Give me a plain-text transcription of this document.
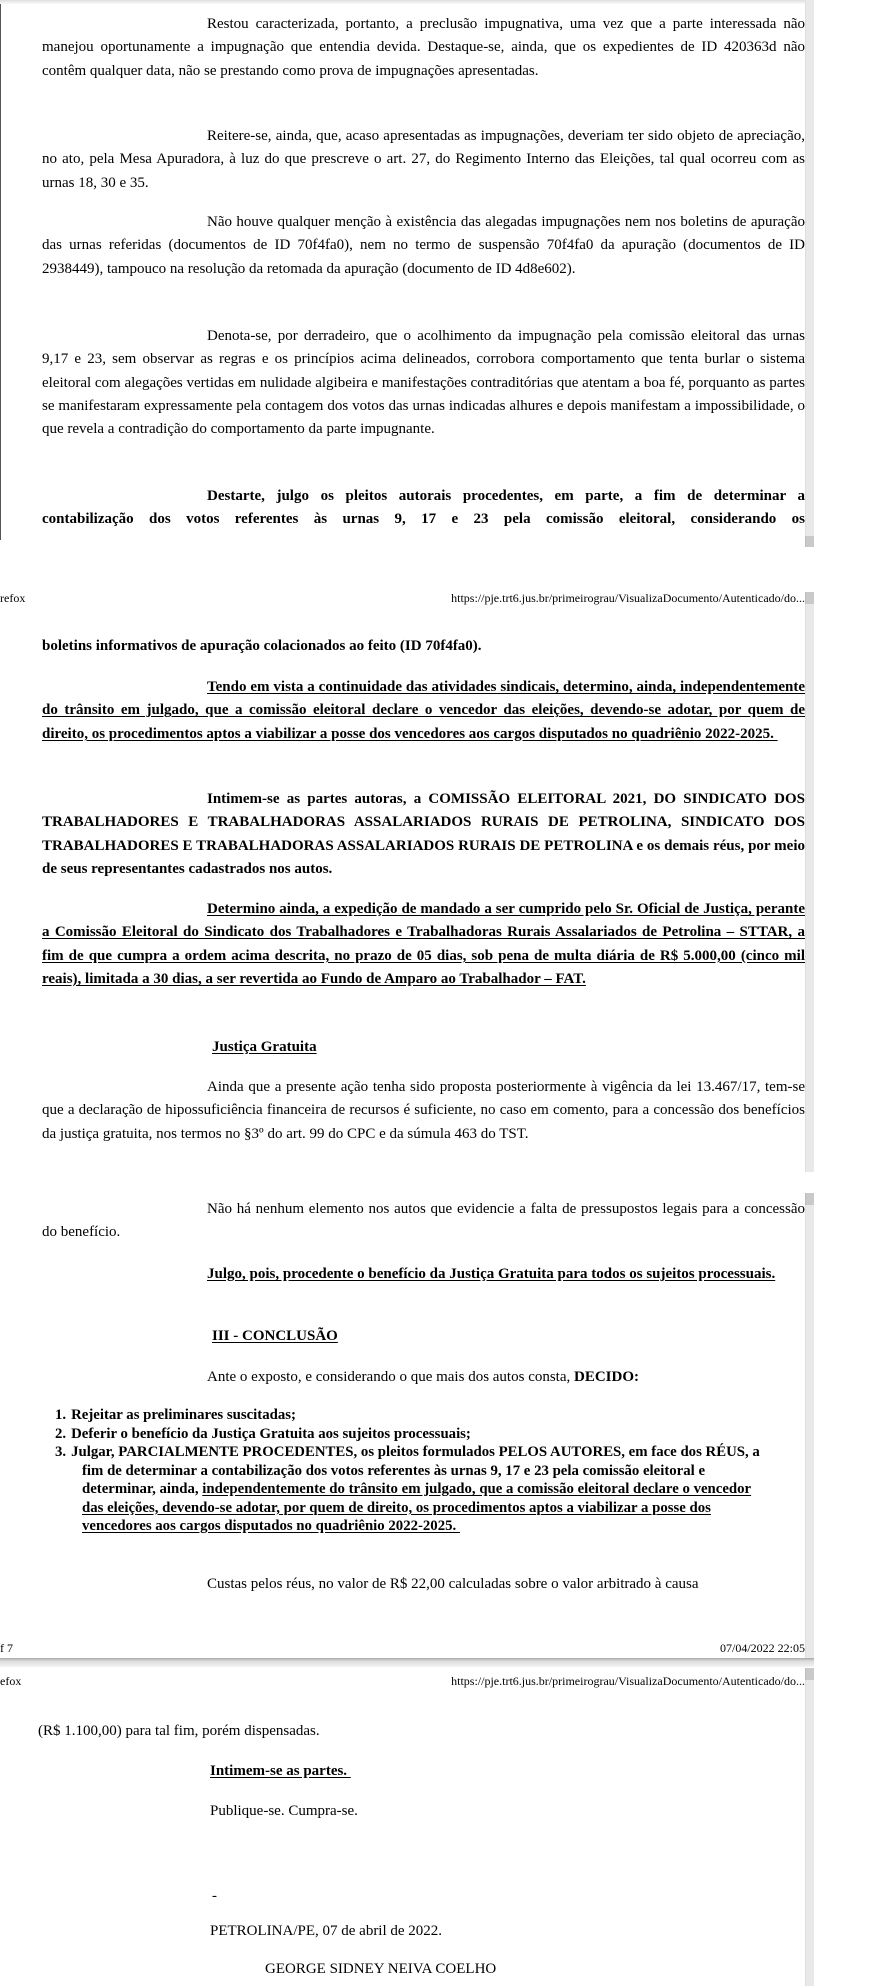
Restou caracterizada, portanto, a preclusão impugnativa, uma vez que a parte interessada não manejou oportunamente a impugnação que entendia devida. Destaque-se, ainda, que os expedientes de ID 420363d não contêm qualquer data, não se prestando como prova de impugnações apresentadas.
Reitere-se, ainda, que, acaso apresentadas as impugnações, deveriam ter sido objeto de apreciação, no ato, pela Mesa Apuradora, à luz do que prescreve o art. 27, do Regimento Interno das Eleições, tal qual ocorreu com as urnas 18, 30 e 35.
Não houve qualquer menção à existência das alegadas impugnações nem nos boletins de apuração das urnas referidas (documentos de ID 70f4fa0), nem no termo de suspensão 70f4fa0 da apuração (documentos de ID 2938449), tampouco na resolução da retomada da apuração (documento de ID 4d8e602).
Denota-se, por derradeiro, que o acolhimento da impugnação pela comissão eleitoral das urnas 9,17 e 23, sem observar as regras e os princípios acima delineados, corrobora comportamento que tenta burlar o sistema eleitoral com alegações vertidas em nulidade algibeira e manifestações contraditórias que atentam a boa fé, porquanto as partes se manifestaram expressamente pela contagem dos votos das urnas indicadas alhures e depois manifestam a impossibilidade, o que revela a contradição do comportamento da parte impugnante.
Destarte, julgo os pleitos autorais procedentes, em parte, a fim de determinar a contabilização dos votos referentes às urnas 9, 17 e 23 pela comissão eleitoral, considerando os
refox	https://pje.trt6.jus.br/primeirograu/VisualizaDocumento/Autenticado/do...
boletins informativos de apuração colacionados ao feito (ID 70f4fa0).
Tendo em vista a continuidade das atividades sindicais, determino, ainda, independentemente do trânsito em julgado, que a comissão eleitoral declare o vencedor das eleições, devendo-se adotar, por quem de direito, os procedimentos aptos a viabilizar a posse dos vencedores aos cargos disputados no quadriênio 2022-2025.
Intimem-se as partes autoras, a COMISSÃO ELEITORAL 2021, DO SINDICATO DOS TRABALHADORES E TRABALHADORAS ASSALARIADOS RURAIS DE PETROLINA, SINDICATO DOS TRABALHADORES E TRABALHADORAS ASSALARIADOS RURAIS DE PETROLINA e os demais réus, por meio de seus representantes cadastrados nos autos.
Determino ainda, a expedição de mandado a ser cumprido pelo Sr. Oficial de Justiça, perante a Comissão Eleitoral do Sindicato dos Trabalhadores e Trabalhadoras Rurais Assalariados de Petrolina – STTAR, a fim de que cumpra a ordem acima descrita, no prazo de 05 dias, sob pena de multa diária de R$ 5.000,00 (cinco mil reais), limitada a 30 dias, a ser revertida ao Fundo de Amparo ao Trabalhador – FAT.
Justiça Gratuita
Ainda que a presente ação tenha sido proposta posteriormente à vigência da lei 13.467/17, tem-se que a declaração de hipossuficiência financeira de recursos é suficiente, no caso em comento, para a concessão dos benefícios da justiça gratuita, nos termos no §3º do art. 99 do CPC e da súmula 463 do TST.
Não há nenhum elemento nos autos que evidencie a falta de pressupostos legais para a concessão do benefício.
Julgo, pois, procedente o benefício da Justiça Gratuita para todos os sujeitos processuais.
III - CONCLUSÃO
Ante o exposto, e considerando o que mais dos autos consta, DECIDO:
1. Rejeitar as preliminares suscitadas;
2. Deferir o benefício da Justiça Gratuita aos sujeitos processuais;
3. Julgar, PARCIALMENTE PROCEDENTES, os pleitos formulados PELOS AUTORES, em face dos RÉUS, a fim de determinar a contabilização dos votos referentes às urnas 9, 17 e 23 pela comissão eleitoral e determinar, ainda, independentemente do trânsito em julgado, que a comissão eleitoral declare o vencedor das eleições, devendo-se adotar, por quem de direito, os procedimentos aptos a viabilizar a posse dos vencedores aos cargos disputados no quadriênio 2022-2025.
Custas pelos réus, no valor de R$ 22,00 calculadas sobre o valor arbitrado à causa
f 7	07/04/2022 22:05
efox	https://pje.trt6.jus.br/primeirograu/VisualizaDocumento/Autenticado/do...
(R$ 1.100,00) para tal fim, porém dispensadas.
Intimem-se as partes.
Publique-se. Cumpra-se.
-
PETROLINA/PE, 07 de abril de 2022.
GEORGE SIDNEY NEIVA COELHO
